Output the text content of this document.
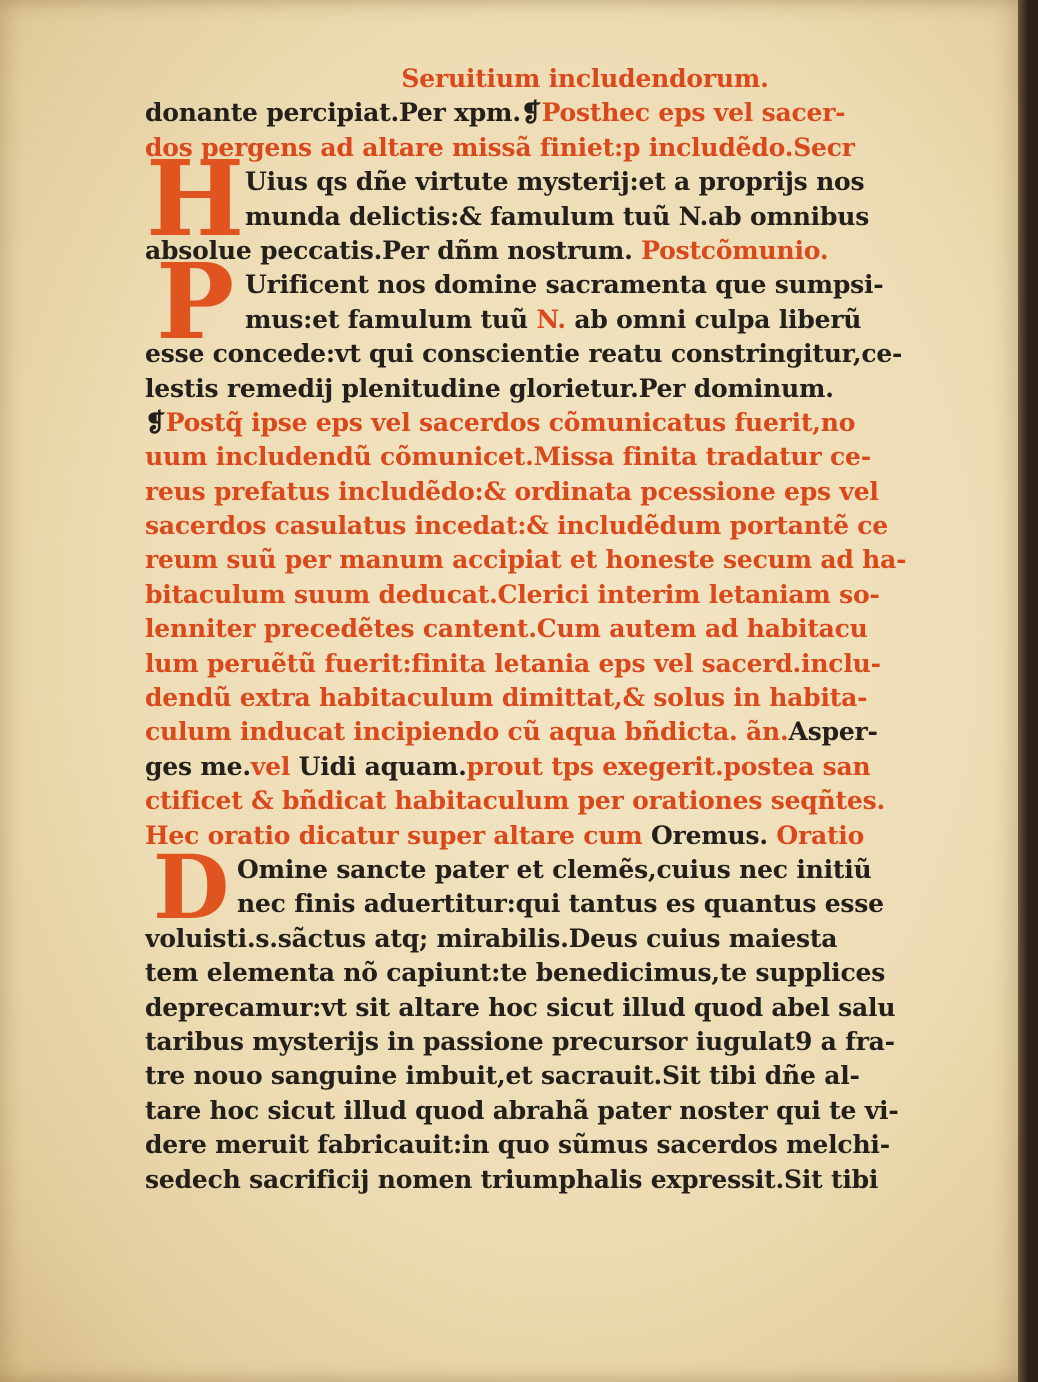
Seruitium includendorum.
donante percipiat.Per xpm.❡Posthec eps vel sacer-
dos pergens ad altare missã finiet:p includẽdo.Secr
H Uius qs dñe virtute mysterij:et a proprijs nos
munda delictis:& famulum tuũ N.ab omnibus
absolue peccatis.Per dñm nostrum. Postcõmunio.
P Urificent nos domine sacramenta que sumpsi-
mus:et famulum tuũ N. ab omni culpa liberũ
esse concede:vt qui conscientie reatu constringitur,ce-
lestis remedij plenitudine glorietur.Per dominum.
❡Postq̃ ipse eps vel sacerdos cõmunicatus fuerit,no
uum includendũ cõmunicet.Missa finita tradatur ce-
reus prefatus includẽdo:& ordinata pcessione eps vel
sacerdos casulatus incedat:& includẽdum portantẽ ce
reum suũ per manum accipiat et honeste secum ad ha-
bitaculum suum deducat.Clerici interim letaniam so-
lenniter precedẽtes cantent.Cum autem ad habitacu
lum peruẽtũ fuerit:finita letania eps vel sacerd.inclu-
dendũ extra habitaculum dimittat,& solus in habita-
culum inducat incipiendo cũ aqua bñdicta. ãn.Asper-
ges me.vel Uidi aquam.prout tps exegerit.postea san
ctificet & bñdicat habitaculum per orationes seqñtes.
Hec oratio dicatur super altare cum Oremus. Oratio
D Omine sancte pater et clemẽs,cuius nec initiũ
nec finis aduertitur:qui tantus es quantus esse
voluisti.s.sãctus atq; mirabilis.Deus cuius maiesta
tem elementa nõ capiunt:te benedicimus,te supplices
deprecamur:vt sit altare hoc sicut illud quod abel salu
taribus mysterijs in passione precursor iugulat9 a fra-
tre nouo sanguine imbuit,et sacrauit.Sit tibi dñe al-
tare hoc sicut illud quod abrahã pater noster qui te vi-
dere meruit fabricauit:in quo sũmus sacerdos melchi-
sedech sacrificij nomen triumphalis expressit.Sit tibi
